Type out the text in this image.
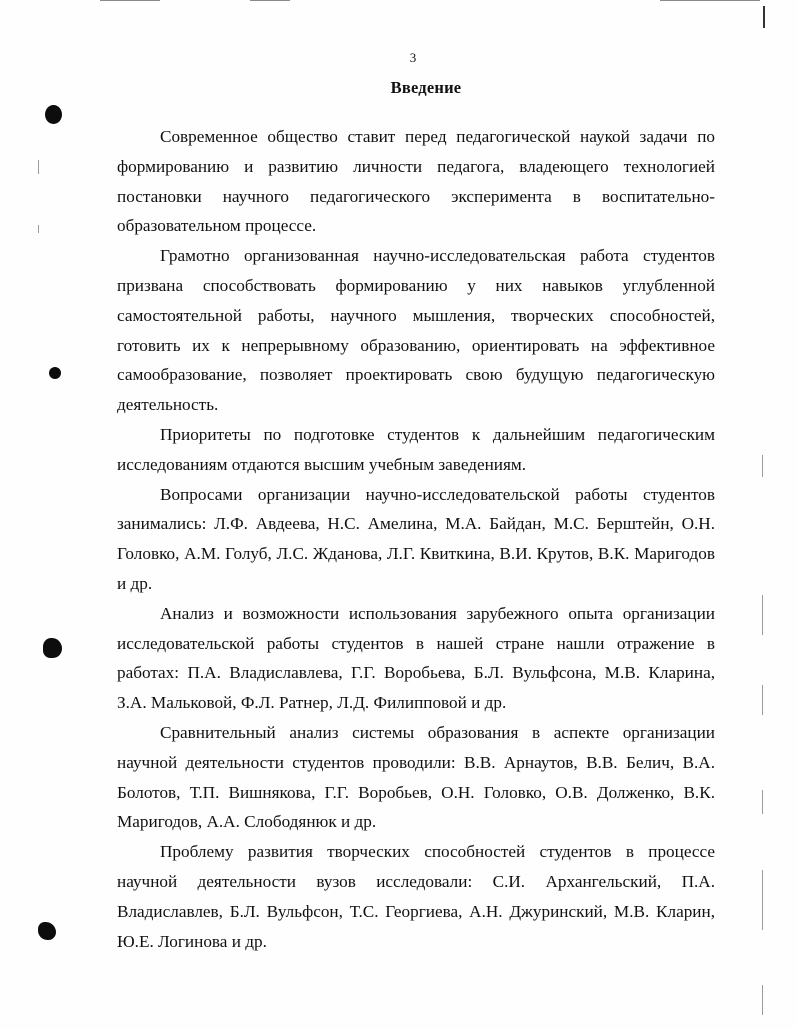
3
Введение

Современное общество ставит перед педагогической наукой задачи по формированию и развитию личности педагога, владеющего технологией постановки научного педагогического эксперимента в воспитательно-образовательном процессе.

Грамотно организованная научно-исследовательская работа студентов призвана способствовать формированию у них навыков углубленной самостоятельной работы, научного мышления, творческих способностей, готовить их к непрерывному образованию, ориентировать на эффективное самообразование, позволяет проектировать свою будущую педагогическую деятельность.

Приоритеты по подготовке студентов к дальнейшим педагогическим исследованиям отдаются высшим учебным заведениям.

Вопросами организации научно-исследовательской работы студентов занимались: Л.Ф. Авдеева, Н.С. Амелина, М.А. Байдан, М.С. Берштейн, О.Н. Головко, А.М. Голуб, Л.С. Жданова, Л.Г. Квиткина, В.И. Крутов, В.К. Маригодов и др.

Анализ и возможности использования зарубежного опыта организации исследовательской работы студентов в нашей стране нашли отражение в работах: П.А. Владиславлева, Г.Г. Воробьева, Б.Л. Вульфсона, М.В. Кларина, З.А. Мальковой, Ф.Л. Ратнер, Л.Д. Филипповой и др.

Сравнительный анализ системы образования в аспекте организации научной деятельности студентов проводили: В.В. Арнаутов, В.В. Белич, В.А. Болотов, Т.П. Вишнякова, Г.Г. Воробьев, О.Н. Головко, О.В. Долженко, В.К. Маригодов, А.А. Слободянюк и др.

Проблему развития творческих способностей студентов в процессе научной деятельности вузов исследовали: С.И. Архангельский, П.А. Владиславлев, Б.Л. Вульфсон, Т.С. Георгиева, А.Н. Джуринский, М.В. Кларин, Ю.Е. Логинова и др.
